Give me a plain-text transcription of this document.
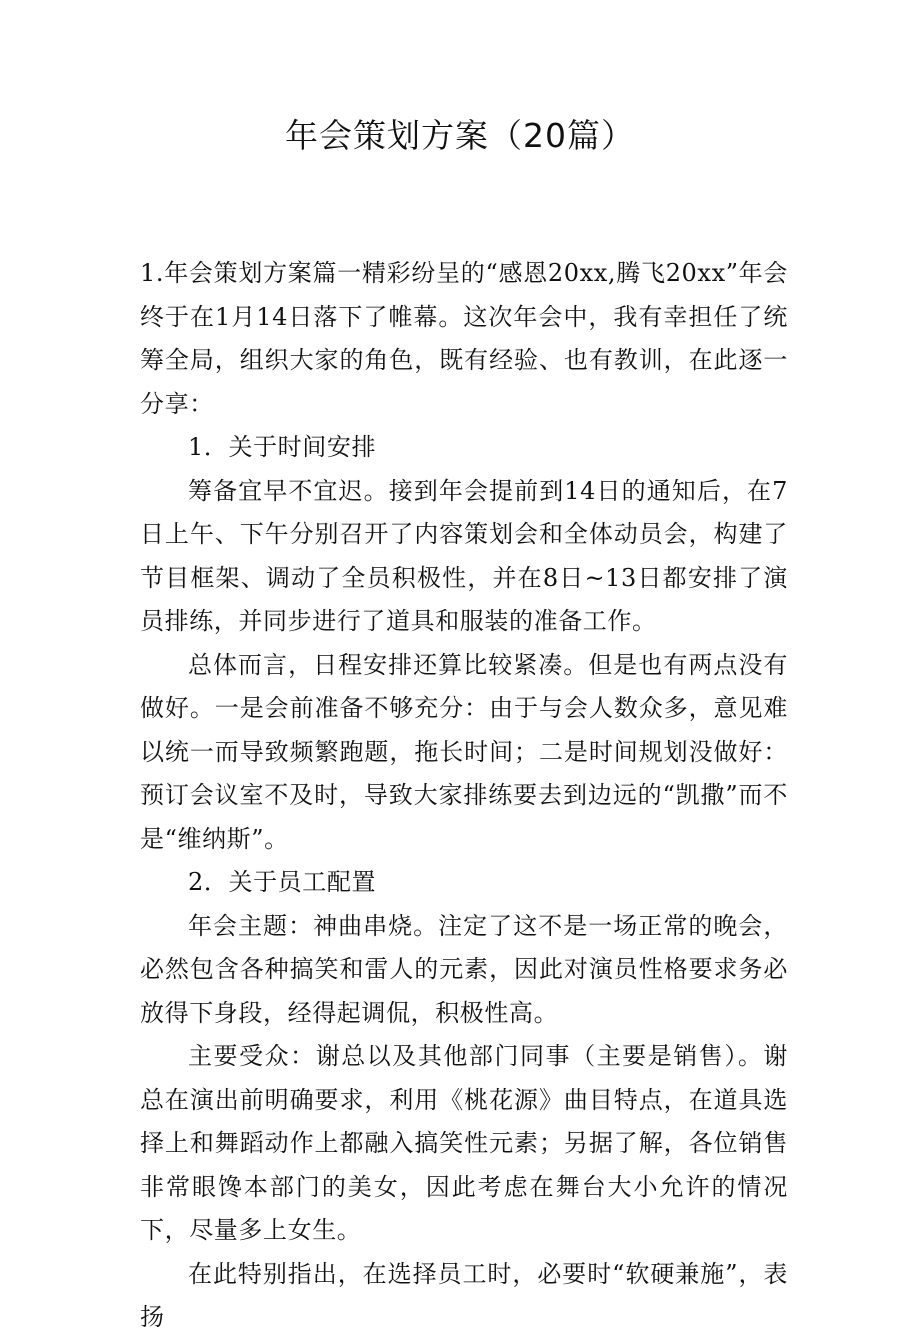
年会策划方案（20篇）

1.年会策划方案篇一精彩纷呈的“感恩20xx,腾飞20xx”年会终于在1月14日落下了帷幕。这次年会中，我有幸担任了统筹全局，组织大家的角色，既有经验、也有教训，在此逐一分享：

1．关于时间安排

筹备宜早不宜迟。接到年会提前到14日的通知后，在7日上午、下午分别召开了内容策划会和全体动员会，构建了节目框架、调动了全员积极性，并在8日~13日都安排了演员排练，并同步进行了道具和服装的准备工作。

总体而言，日程安排还算比较紧凑。但是也有两点没有做好。一是会前准备不够充分：由于与会人数众多，意见难以统一而导致频繁跑题，拖长时间；二是时间规划没做好：预订会议室不及时，导致大家排练要去到边远的“凯撒”而不是“维纳斯”。

2．关于员工配置

年会主题：神曲串烧。注定了这不是一场正常的晚会，必然包含各种搞笑和雷人的元素，因此对演员性格要求务必放得下身段，经得起调侃，积极性高。

主要受众：谢总以及其他部门同事（主要是销售）。谢总在演出前明确要求，利用《桃花源》曲目特点，在道具选择上和舞蹈动作上都融入搞笑性元素；另据了解，各位销售非常眼馋本部门的美女，因此考虑在舞台大小允许的情况下，尽量多上女生。

在此特别指出，在选择员工时，必要时“软硬兼施”，表扬
